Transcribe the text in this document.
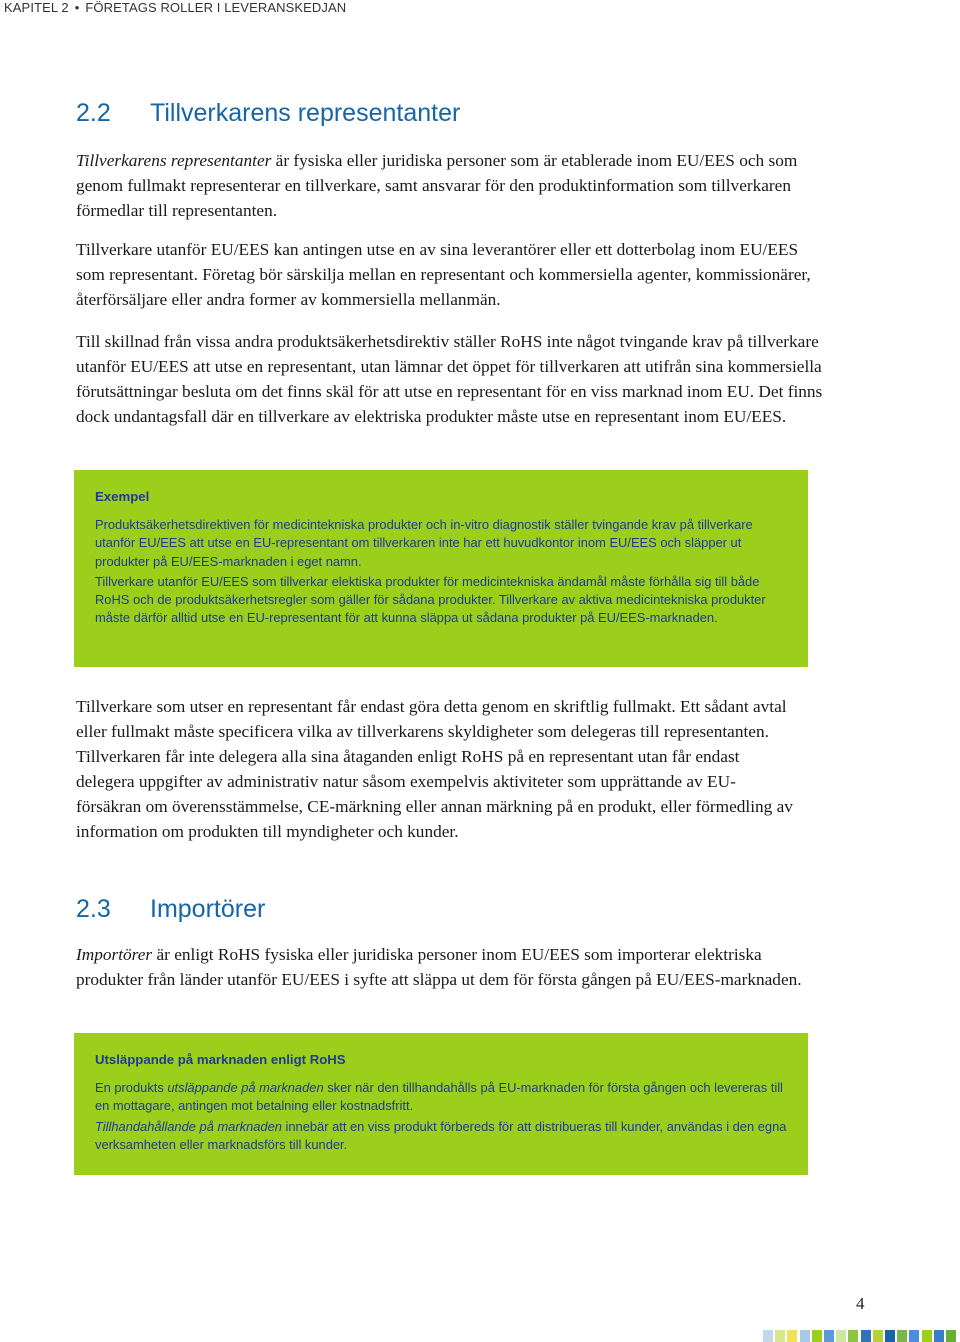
KAPITEL 2 • FÖRETAGS ROLLER I LEVERANSKEDJAN
2.2 Tillverkarens representanter

Tillverkarens representanter är fysiska eller juridiska personer som är etablerade inom EU/EES och som genom fullmakt representerar en tillverkare, samt ansvarar för den produktinformation som tillverkaren förmedlar till representanten.

Tillverkare utanför EU/EES kan antingen utse en av sina leverantörer eller ett dotterbolag inom EU/EES som representant. Företag bör särskilja mellan en representant och kommersiella agenter, kommissionärer, återförsäljare eller andra former av kommersiella mellanmän.

Till skillnad från vissa andra produktsäkerhetsdirektiv ställer RoHS inte något tvingande krav på tillverkare utanför EU/EES att utse en representant, utan lämnar det öppet för tillverkaren att utifrån sina kommersiella förutsättningar besluta om det finns skäl för att utse en representant för en viss marknad inom EU. Det finns dock undantagsfall där en tillverkare av elektriska produkter måste utse en representant inom EU/EES.

Exempel

Produktsäkerhetsdirektiven för medicintekniska produkter och in-vitro diagnostik ställer tvingande krav på tillverkare utanför EU/EES att utse en EU-representant om tillverkaren inte har ett huvudkontor inom EU/EES och släpper ut produkter på EU/EES-marknaden i eget namn.

Tillverkare utanför EU/EES som tillverkar elektiska produkter för medicintekniska ändamål måste förhålla sig till både RoHS och de produktsäkerhetsregler som gäller för sådana produkter. Tillverkare av aktiva medicintekniska produkter måste därför alltid utse en EU-representant för att kunna släppa ut sådana produkter på EU/EES-marknaden.

Tillverkare som utser en representant får endast göra detta genom en skriftlig fullmakt. Ett sådant avtal eller fullmakt måste specificera vilka av tillverkarens skyldigheter som delegeras till representanten. Tillverkaren får inte delegera alla sina åtaganden enligt RoHS på en representant utan får endast delegera uppgifter av administrativ natur såsom exempelvis aktiviteter som upprättande av EU-försäkran om överensstämmelse, CE-märkning eller annan märkning på en produkt, eller förmedling av information om produkten till myndigheter och kunder.

2.3 Importörer

Importörer är enligt RoHS fysiska eller juridiska personer inom EU/EES som importerar elektriska produkter från länder utanför EU/EES i syfte att släppa ut dem för första gången på EU/EES-marknaden.

Utsläppande på marknaden enligt RoHS

En produkts utsläppande på marknaden sker när den tillhandahålls på EU-marknaden för första gången och levereras till en mottagare, antingen mot betalning eller kostnadsfritt.

Tillhandahållande på marknaden innebär att en viss produkt förbereds för att distribueras till kunder, användas i den egna verksamheten eller marknadsförs till kunder.

4
